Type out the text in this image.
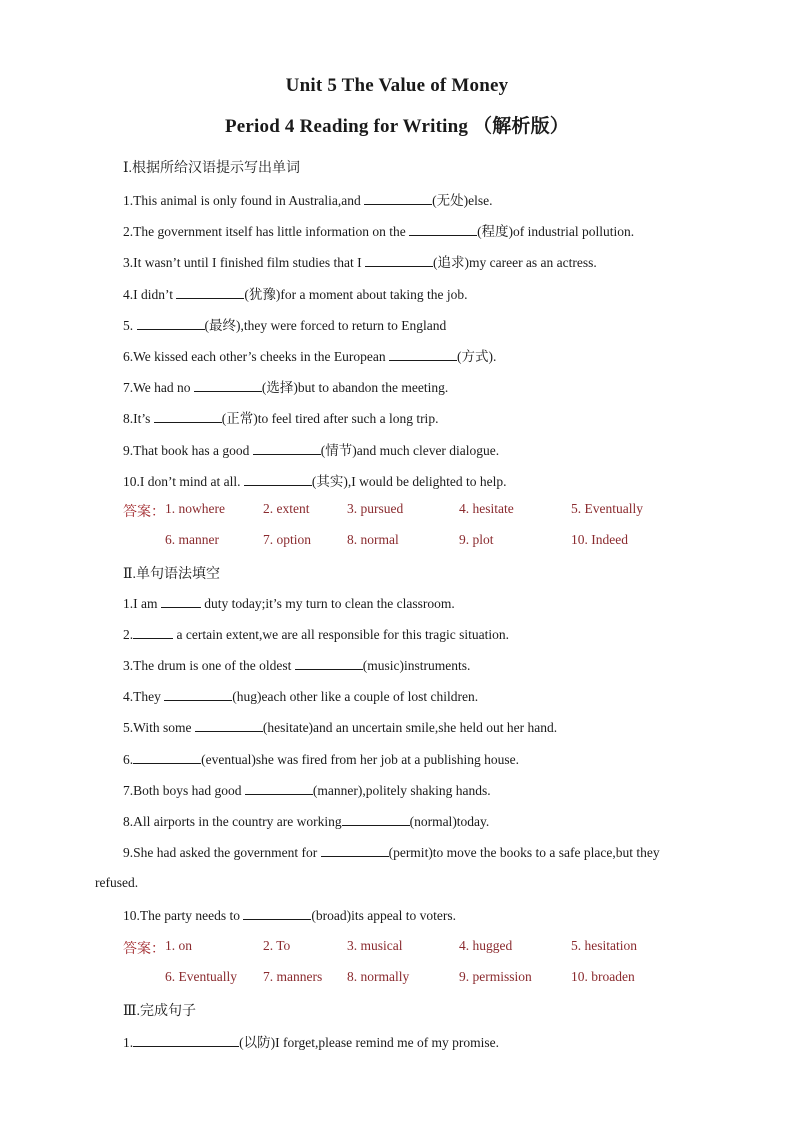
Unit 5 The Value of Money
Period 4 Reading for Writing （解析版）
Ⅰ.根据所给汉语提示写出单词
1.This animal is only found in Australia,and	(无处)else.
2.The government itself has little information on the	(程度)of industrial pollution.
3.It wasn’t until I finished film studies that I	(追求)my career as an actress.
4.I didn’t	(犹豫)for a moment about taking the job.
5.	(最终),they were forced to return to England
6.We kissed each other’s cheeks in the European	(方式).
7.We had no	(选择)but to abandon the meeting.
8.It’s	(正常)to feel tired after such a long trip.
9.That book has a good	(情节)and much clever dialogue.
10.I don’t mind at all.	(其实),I would be delighted to help.
答案： 1. nowhere	2. extent	3. pursued	4. hesitate	5. Eventually
6. manner	7. option	8. normal	9. plot	10. Indeed
Ⅱ.单句语法填空
1.I am	duty today;it’s my turn to clean the classroom.
2.	a certain extent,we are all responsible for this tragic situation.
3.The drum is one of the oldest	(music)instruments.
4.They	(hug)each other like a couple of lost children.
5.With some	(hesitate)and an uncertain smile,she held out her hand.
6.	(eventual)she was fired from her job at a publishing house.
7.Both boys had good	(manner),politely shaking hands.
8.All airports in the country are working	(normal)today.
9.She had asked the government for	(permit)to move the books to a safe place,but they
refused.
10.The party needs to	(broad)its appeal to voters.
答案： 1. on	2. To	3. musical	4. hugged	5. hesitation
6. Eventually 7. manners 8. normally	9. permission	10. broaden
Ⅲ.完成句子
1.	(以防)I forget,please remind me of my promise.
